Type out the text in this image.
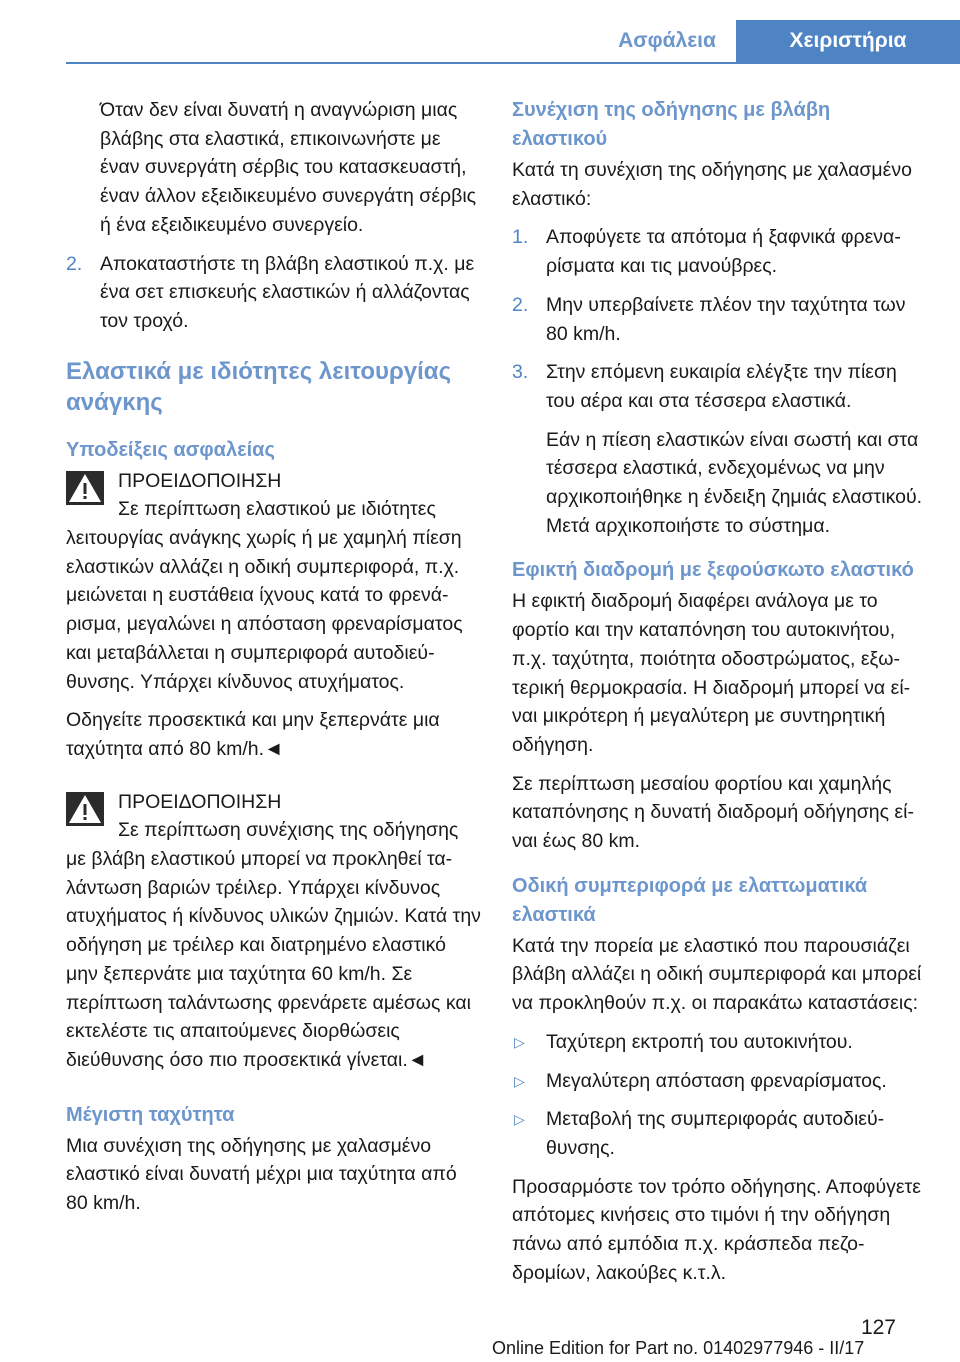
Ασφάλεια	Χειριστήρια

Όταν δεν είναι δυνατή η αναγνώριση μιας βλάβης στα ελαστικά, επικοινωνήστε με έναν συνεργάτη σέρβις του κατασκευαστή, έναν άλλον εξειδικευμένο συνεργάτη σέρβις ή ένα εξειδικευμένο συνεργείο.

2. Αποκαταστήστε τη βλάβη ελαστικού π.χ. με ένα σετ επισκευής ελαστικών ή αλλάζοντας τον τροχό.
Ελαστικά με ιδιότητες λειτουργίας ανάγκης
Υποδείξεις ασφαλείας
ΠΡΟΕΙΔΟΠΟΙΗΣΗ
Σε περίπτωση ελαστικού με ιδιότητες λειτουργίας ανάγκης χωρίς ή με χαμηλή πίεση ελαστικών αλλάζει η οδική συμπεριφορά, π.χ. μειώνεται η ευστάθεια ίχνους κατά το φρενάρισμα, μεγαλώνει η απόσταση φρεναρίσματος και μεταβάλλεται η συμπεριφορά αυτοδιεύθυνσης. Υπάρχει κίνδυνος ατυχήματος.

Οδηγείτε προσεκτικά και μην ξεπερνάτε μια ταχύτητα από 80 km/h.◄

ΠΡΟΕΙΔΟΠΟΙΗΣΗ
Σε περίπτωση συνέχισης της οδήγησης με βλάβη ελαστικού μπορεί να προκληθεί ταλάντωση βαριών τρέιλερ. Υπάρχει κίνδυνος ατυχήματος ή κίνδυνος υλικών ζημιών. Κατά την οδήγηση με τρέιλερ και διατρημένο ελαστικό μην ξεπερνάτε μια ταχύτητα 60 km/h. Σε περίπτωση ταλάντωσης φρενάρετε αμέσως και εκτελέστε τις απαιτούμενες διορθώσεις διεύθυνσης όσο πιο προσεκτικά γίνεται.◄
Μέγιστη ταχύτητα

Μια συνέχιση της οδήγησης με χαλασμένο ελαστικό είναι δυνατή μέχρι μια ταχύτητα από 80 km/h.

Συνέχιση της οδήγησης με βλάβη ελαστικού

Κατά τη συνέχιση της οδήγησης με χαλασμένο ελαστικό:

1. Αποφύγετε τα απότομα ή ξαφνικά φρεναρίσματα και τις μανούβρες.
2. Μην υπερβαίνετε πλέον την ταχύτητα των 80 km/h.
3. Στην επόμενη ευκαιρία ελέγξτε την πίεση του αέρα και στα τέσσερα ελαστικά.

Εάν η πίεση ελαστικών είναι σωστή και στα τέσσερα ελαστικά, ενδεχομένως να μην αρχικοποιήθηκε η ένδειξη ζημιάς ελαστικού. Μετά αρχικοποιήστε το σύστημα.

Εφικτή διαδρομή με ξεφούσκωτο ελαστικό

Η εφικτή διαδρομή διαφέρει ανάλογα με το φορτίο και την καταπόνηση του αυτοκινήτου, π.χ. ταχύτητα, ποιότητα οδοστρώματος, εξωτερική θερμοκρασία. Η διαδρομή μπορεί να είναι μικρότερη ή μεγαλύτερη με συντηρητική οδήγηση.

Σε περίπτωση μεσαίου φορτίου και χαμηλής καταπόνησης η δυνατή διαδρομή οδήγησης είναι έως 80 km.

Οδική συμπεριφορά με ελαττωματικά ελαστικά

Κατά την πορεία με ελαστικό που παρουσιάζει βλάβη αλλάζει η οδική συμπεριφορά και μπορεί να προκληθούν π.χ. οι παρακάτω καταστάσεις:

▷ Ταχύτερη εκτροπή του αυτοκινήτου.
▷ Μεγαλύτερη απόσταση φρεναρίσματος.
▷ Μεταβολή της συμπεριφοράς αυτοδιεύθυνσης.

Προσαρμόστε τον τρόπο οδήγησης. Αποφύγετε απότομες κινήσεις στο τιμόνι ή την οδήγηση πάνω από εμπόδια π.χ. κράσπεδα πεζοδρομίων, λακούβες κ.τ.λ.

127
Online Edition for Part no. 01402977946 - II/17
